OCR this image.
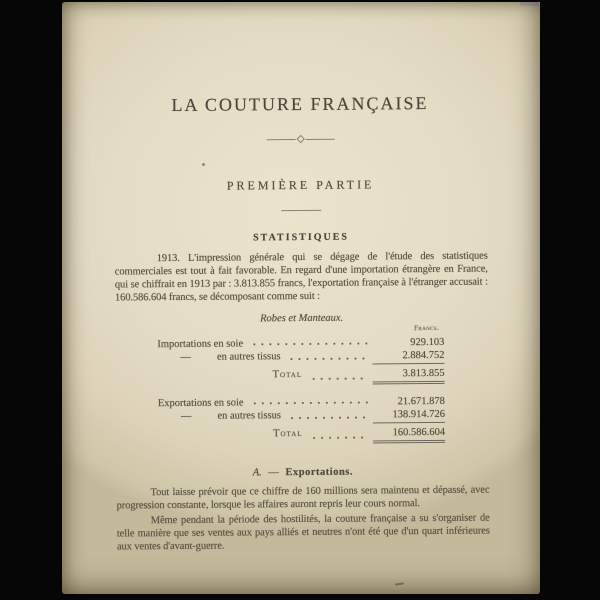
LA COUTURE FRANÇAISE
PREMIÈRE PARTIE
STATISTIQUES

1913. L'impression générale qui se dégage de l'étude des statistiques commerciales est tout à fait favorable. En regard d'une importation étrangère en France, qui se chiffrait en 1913 par : 3.813.855 francs, l'exportation française à l'étranger accusait : 160.586.604 francs, se décomposant comme suit :

Robes et Manteaux.
Francs.
Importations en soie	929.103
— en autres tissus	2.884.752
Total	3.813.855
Exportations en soie	21.671.878
— en autres tissus	138.914.726
Total	160.586.604
A. — Exportations.

Tout laisse prévoir que ce chiffre de 160 millions sera maintenu et dépassé, avec progression constante, lorsque les affaires auront repris leur cours normal.

Même pendant la période des hostilités, la couture française a su s'organiser de telle manière que ses ventes aux pays alliés et neutres n'ont été que d'un quart inférieures aux ventes d'avant-guerre.
